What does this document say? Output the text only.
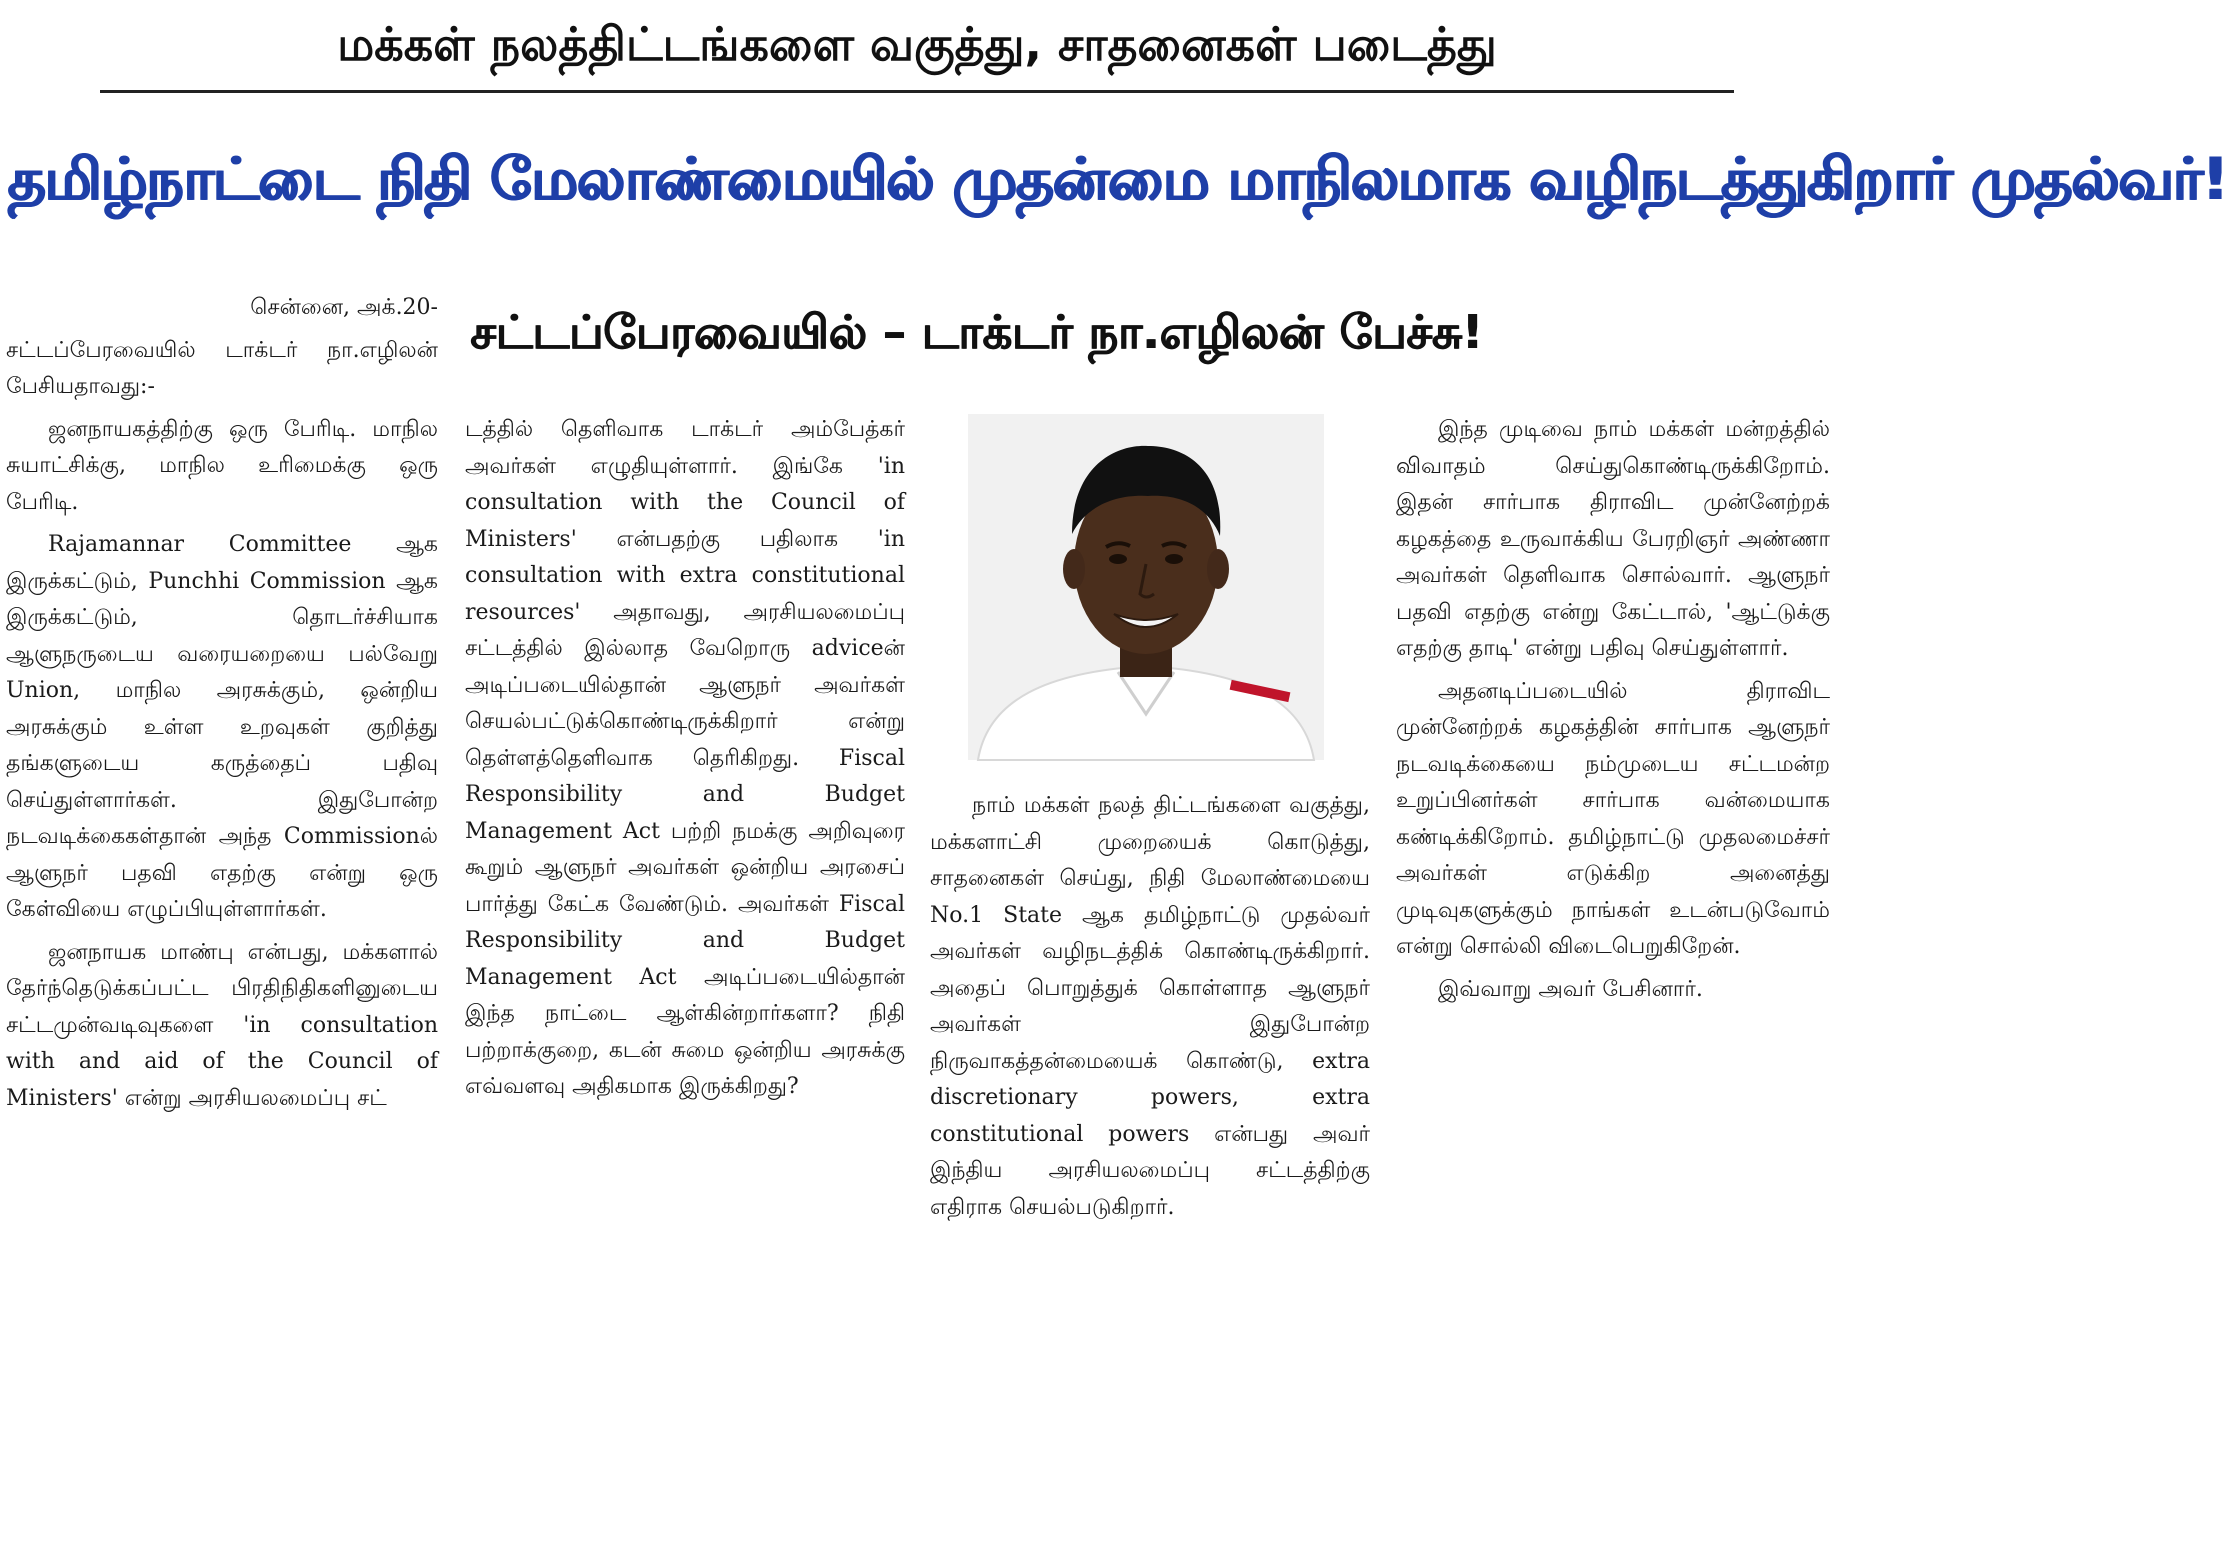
மக்கள் நலத்திட்டங்களை வகுத்து, சாதனைகள் படைத்து
தமிழ்நாட்டை நிதி மேலாண்மையில் முதன்மை மாநிலமாக வழிநடத்துகிறார் முதல்வர்!
சட்டப்பேரவையில் – டாக்டர் நா.எழிலன் பேச்சு!

சென்னை, அக்.20-

சட்டப்பேரவையில் டாக்டர் நா.எழிலன் பேசியதாவது:-

ஜனநாயகத்திற்கு ஒரு பேரிடி. மாநில சுயாட்சிக்கு, மாநில உரிமைக்கு ஒரு பேரிடி.

Rajamannar Committee ஆக இருக்கட்டும், Punchhi Commission ஆக இருக்கட்டும், தொடர்ச்சியாக ஆளுநருடைய வரையறையை பல்வேறு Union, மாநில அரசுக்கும், ஒன்றிய அரசுக்கும் உள்ள உறவுகள் குறித்து தங்களுடைய கருத்தைப் பதிவு செய்துள்ளார்கள். இதுபோன்ற நடவடிக்கைகள்தான் அந்த Commissionல் ஆளுநர் பதவி எதற்கு என்று ஒரு கேள்வியை எழுப்பியுள்ளார்கள்.

ஜனநாயக மாண்பு என்பது, மக்களால் தேர்ந்தெடுக்கப்பட்ட பிரதிநிதிகளினுடைய சட்டமுன்வடிவுகளை 'in consultation with and aid of the Council of Ministers' என்று அரசியலமைப்பு சட்

டத்தில் தெளிவாக டாக்டர் அம்பேத்கர் அவர்கள் எழுதியுள்ளார். இங்கே 'in consultation with the Council of Ministers' என்பதற்கு பதிலாக 'in consultation with extra constitutional resources' அதாவது, அரசியலமைப்பு சட்டத்தில் இல்லாத வேறொரு adviceன் அடிப்படையில்தான் ஆளுநர் அவர்கள் செயல்பட்டுக்கொண்டிருக்கிறார் என்று தெள்ளத்தெளிவாக தெரிகிறது. Fiscal Responsibility and Budget Management Act பற்றி நமக்கு அறிவுரை கூறும் ஆளுநர் அவர்கள் ஒன்றிய அரசைப் பார்த்து கேட்க வேண்டும். அவர்கள் Fiscal Responsibility and Budget Management Act அடிப்படையில்தான் இந்த நாட்டை ஆள்கின்றார்களா? நிதி பற்றாக்குறை, கடன் சுமை ஒன்றிய அரசுக்கு எவ்வளவு அதிகமாக இருக்கிறது?

நாம் மக்கள் நலத் திட்டங்களை வகுத்து, மக்களாட்சி முறையைக் கொடுத்து, சாதனைகள் செய்து, நிதி மேலாண்மையை No.1 State ஆக தமிழ்நாட்டு முதல்வர் அவர்கள் வழிநடத்திக் கொண்டிருக்கிறார். அதைப் பொறுத்துக் கொள்ளாத ஆளுநர் அவர்கள் இதுபோன்ற நிருவாகத்தன்மையைக் கொண்டு, extra discretionary powers, extra constitutional powers என்பது அவர் இந்திய அரசியலமைப்பு சட்டத்திற்கு எதிராக செயல்படுகிறார்.

இந்த முடிவை நாம் மக்கள் மன்றத்தில் விவாதம் செய்துகொண்டிருக்கிறோம். இதன் சார்பாக திராவிட முன்னேற்றக் கழகத்தை உருவாக்கிய பேரறிஞர் அண்ணா அவர்கள் தெளிவாக சொல்வார். ஆளுநர் பதவி எதற்கு என்று கேட்டால், 'ஆட்டுக்கு எதற்கு தாடி' என்று பதிவு செய்துள்ளார்.

அதனடிப்படையில் திராவிட முன்னேற்றக் கழகத்தின் சார்பாக ஆளுநர் நடவடிக்கையை நம்முடைய சட்டமன்ற உறுப்பினர்கள் சார்பாக வன்மையாக கண்டிக்கிறோம். தமிழ்நாட்டு முதலமைச்சர் அவர்கள் எடுக்கிற அனைத்து முடிவுகளுக்கும் நாங்கள் உடன்படுவோம் என்று சொல்லி விடைபெறுகிறேன்.

இவ்வாறு அவர் பேசினார்.
